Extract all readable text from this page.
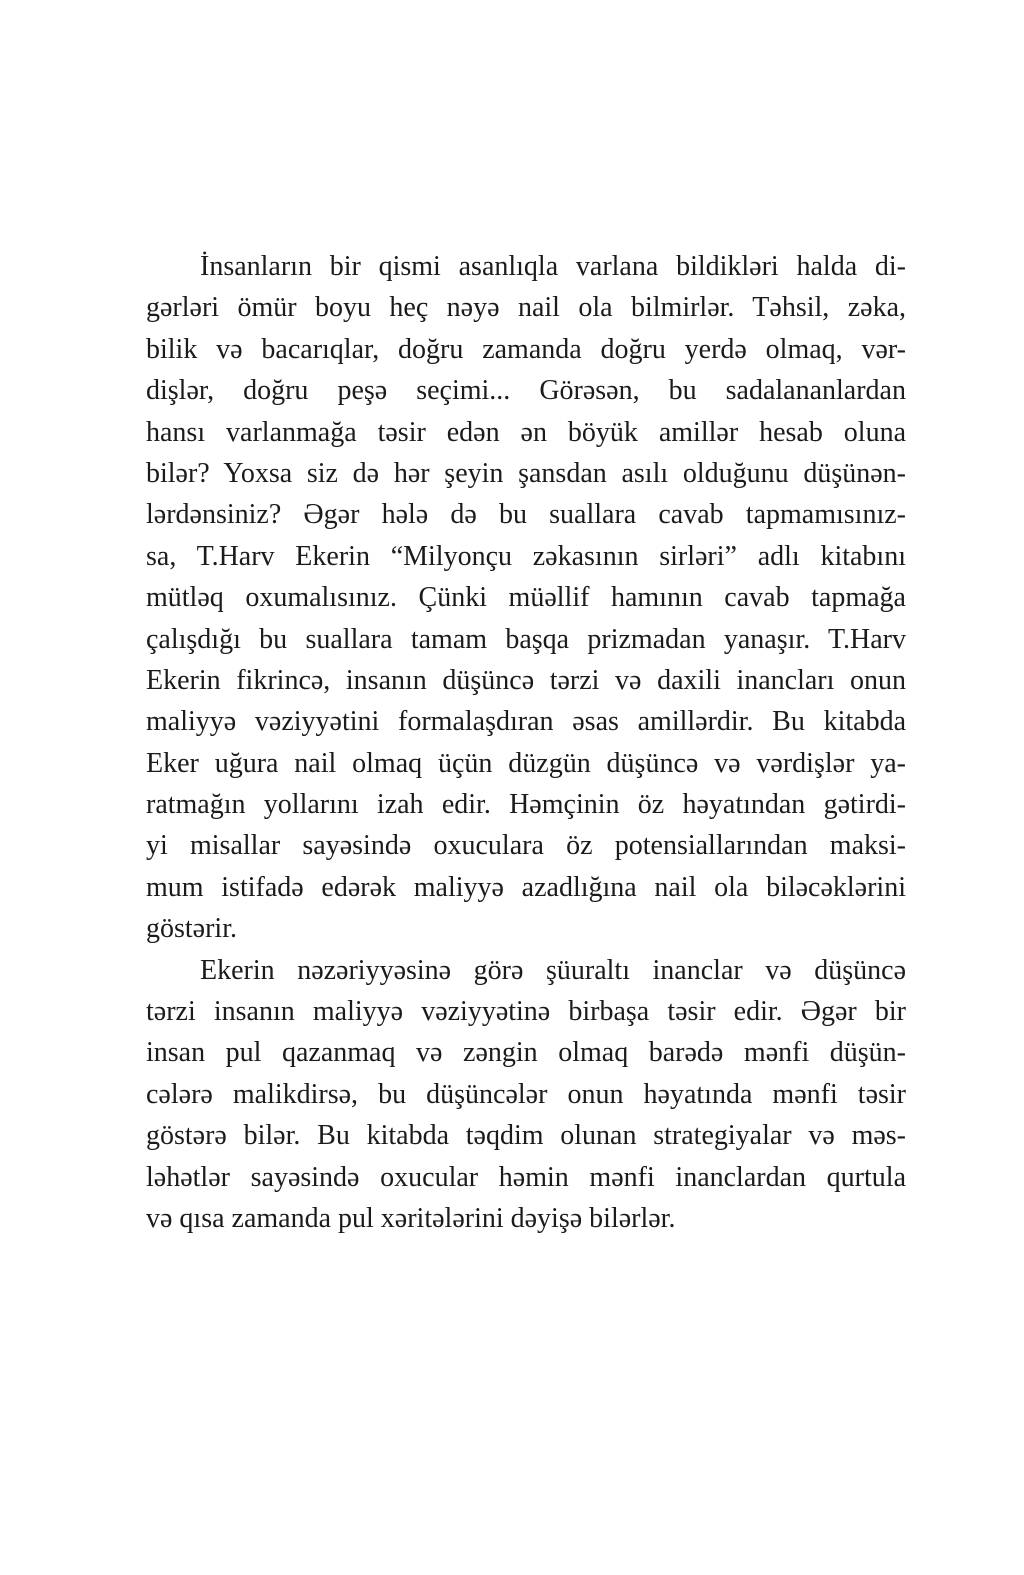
İnsanların bir qismi asanlıqla varlana bildikləri halda di-
gərləri ömür boyu heç nəyə nail ola bilmirlər. Təhsil, zəka,
bilik və bacarıqlar, doğru zamanda doğru yerdə olmaq, vər-
dişlər, doğru peşə seçimi... Görəsən, bu sadalananlardan
hansı varlanmağa təsir edən ən böyük amillər hesab oluna
bilər? Yoxsa siz də hər şeyin şansdan asılı olduğunu düşünən-
lərdənsiniz? Əgər hələ də bu suallara cavab tapmamısınız-
sa, T.Harv Ekerin “Milyonçu zəkasının sirləri” adlı kitabını
mütləq oxumalısınız. Çünki müəllif hamının cavab tapmağa
çalışdığı bu suallara tamam başqa prizmadan yanaşır. T.Harv
Ekerin fikrincə, insanın düşüncə tərzi və daxili inancları onun
maliyyə vəziyyətini formalaşdıran əsas amillərdir. Bu kitabda
Eker uğura nail olmaq üçün düzgün düşüncə və vərdişlər ya-
ratmağın yollarını izah edir. Həmçinin öz həyatından gətirdi-
yi misallar sayəsində oxuculara öz potensiallarından maksi-
mum istifadə edərək maliyyə azadlığına nail ola biləcəklərini
göstərir.

Ekerin nəzəriyyəsinə görə şüuraltı inanclar və düşüncə
tərzi insanın maliyyə vəziyyətinə birbaşa təsir edir. Əgər bir
insan pul qazanmaq və zəngin olmaq barədə mənfi düşün-
cələrə malikdirsə, bu düşüncələr onun həyatında mənfi təsir
göstərə bilər. Bu kitabda təqdim olunan strategiyalar və məs-
ləhətlər sayəsində oxucular həmin mənfi inanclardan qurtula
və qısa zamanda pul xəritələrini dəyişə bilərlər.
